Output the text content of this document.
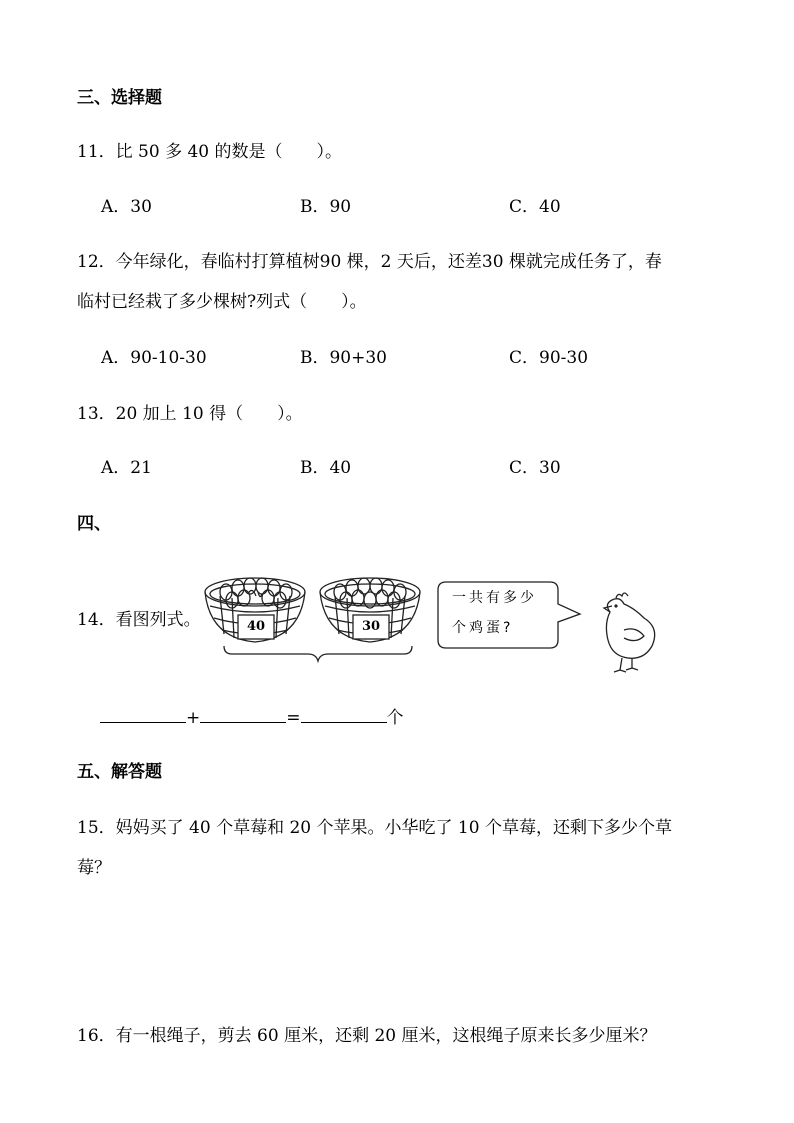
三、选择题
11．比 50 多 40 的数是（　　）。
A．30	B．90	C．40
12．今年绿化，春临村打算植树90 棵，2 天后，还差30 棵就完成任务了，春
临村已经栽了多少棵树?列式（　　）。
A．90-10-30	B．90+30	C．90-30
13．20 加上 10 得（　　）。
A．21	B．40	C．30
四、
14．看图列式。	40	30
一共有多少
个鸡蛋?
+	=	个
五、解答题
15．妈妈买了 40 个草莓和 20 个苹果。小华吃了 10 个草莓，还剩下多少个草
莓？
16．有一根绳子，剪去 60 厘米，还剩 20 厘米，这根绳子原来长多少厘米？
